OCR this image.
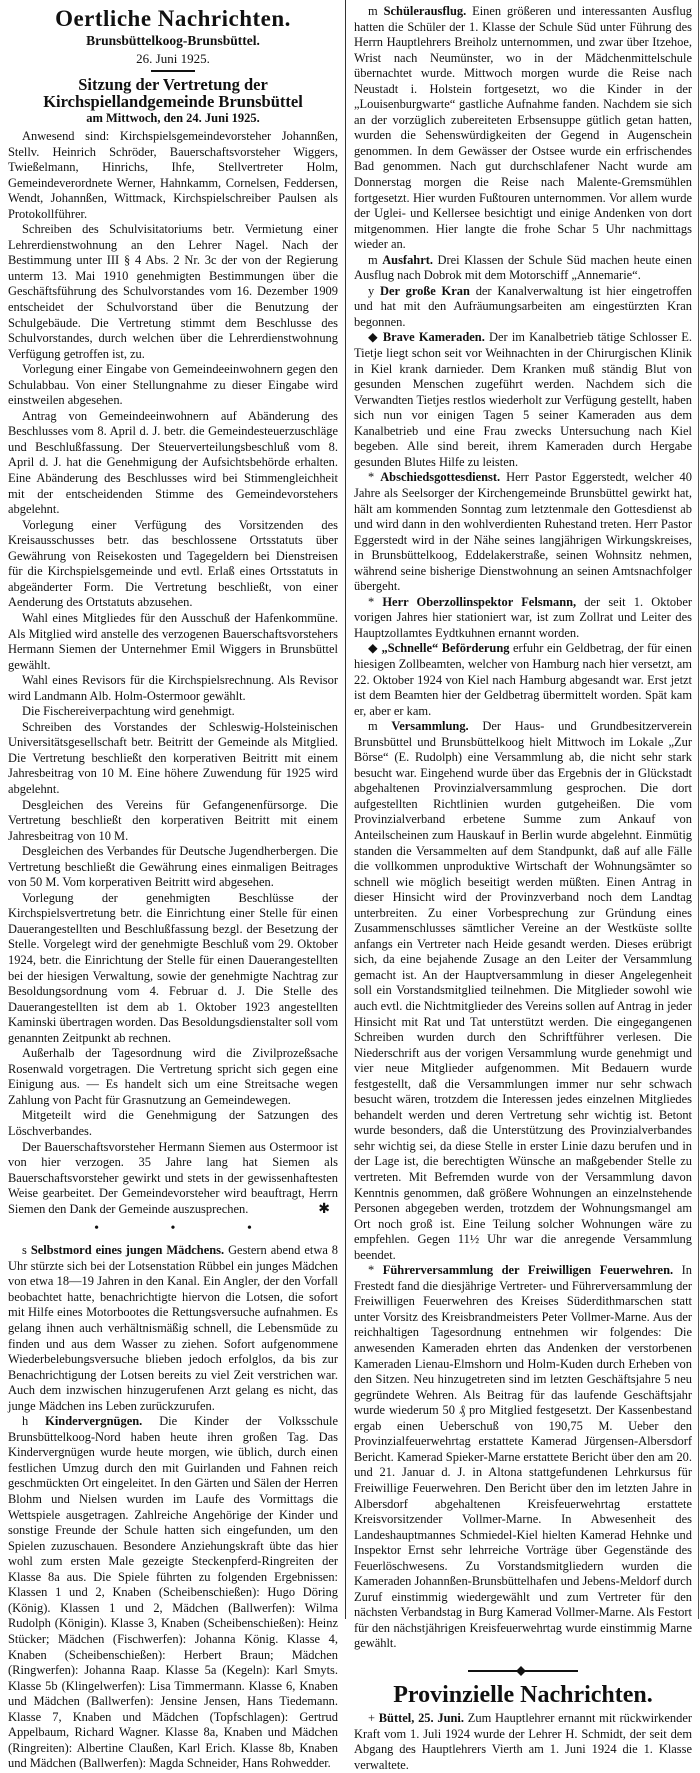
Oertliche Nachrichten.
Brunsbüttelkoog-Brunsbüttel.
26. Juni 1925.
Sitzung der Vertretung der Kirchspiellandgemeinde Brunsbüttel
am Mittwoch, den 24. Juni 1925.

Anwesend sind: Kirchspielsgemeindevorsteher Johannßen, Stellv. Heinrich Schröder, Bauerschaftsvorsteher Wiggers, Twießelmann, Hinrichs, Ihfe, Stellvertreter Holm, Gemeindeverordnete Werner, Hahnkamm, Cornelsen, Feddersen, Wendt, Johannßen, Wittmack, Kirchspielschreiber Paulsen als Protokollführer.

Schreiben des Schulvisitatoriums betr. Vermietung einer Lehrerdienstwohnung an den Lehrer Nagel. Nach der Bestimmung unter III § 4 Abs. 2 Nr. 3c der von der Regierung unterm 13. Mai 1910 genehmigten Bestimmungen über die Geschäftsführung des Schulvorstandes vom 16. Dezember 1909 entscheidet der Schulvorstand über die Benutzung der Schulgebäude. Die Vertretung stimmt dem Beschlusse des Schulvorstandes, durch welchen über die Lehrerdienstwohnung Verfügung getroffen ist, zu.

Vorlegung einer Eingabe von Gemeindeeinwohnern gegen den Schulabbau. Von einer Stellungnahme zu dieser Eingabe wird einstweilen abgesehen.

Antrag von Gemeindeeinwohnern auf Abänderung des Beschlusses vom 8. April d. J. betr. die Gemeindesteuerzuschläge und Beschlußfassung. Der Steuerverteilungsbeschluß vom 8. April d. J. hat die Genehmigung der Aufsichtsbehörde erhalten. Eine Abänderung des Beschlusses wird bei Stimmengleichheit mit der entscheidenden Stimme des Gemeindevorstehers abgelehnt.

Vorlegung einer Verfügung des Vorsitzenden des Kreisausschusses betr. das beschlossene Ortsstatuts über Gewährung von Reisekosten und Tagegeldern bei Dienstreisen für die Kirchspielsgemeinde und evtl. Erlaß eines Ortsstatuts in abgeänderter Form. Die Vertretung beschließt, von einer Aenderung des Ortstatuts abzusehen.

Wahl eines Mitgliedes für den Ausschuß der Hafenkommüne. Als Mitglied wird anstelle des verzogenen Bauerschaftsvorstehers Hermann Siemen der Unternehmer Emil Wiggers in Brunsbüttel gewählt.

Wahl eines Revisors für die Kirchspielsrechnung. Als Revisor wird Landmann Alb. Holm-Ostermoor gewählt.

Die Fischereiverpachtung wird genehmigt.

Schreiben des Vorstandes der Schleswig-Holsteinischen Universitätsgesellschaft betr. Beitritt der Gemeinde als Mitglied. Die Vertretung beschließt den korperativen Beitritt mit einem Jahresbeitrag von 10 M. Eine höhere Zuwendung für 1925 wird abgelehnt.

Desgleichen des Vereins für Gefangenenfürsorge. Die Vertretung beschließt den korperativen Beitritt mit einem Jahresbeitrag von 10 M.

Desgleichen des Verbandes für Deutsche Jugendherbergen. Die Vertretung beschließt die Gewährung eines einmaligen Beitrages von 50 M. Vom korperativen Beitritt wird abgesehen.

Vorlegung der genehmigten Beschlüsse der Kirchspielsvertretung betr. die Einrichtung einer Stelle für einen Dauerangestellten und Beschlußfassung bezgl. der Besetzung der Stelle. Vorgelegt wird der genehmigte Beschluß vom 29. Oktober 1924, betr. die Einrichtung der Stelle für einen Dauerangestellten bei der hiesigen Verwaltung, sowie der genehmigte Nachtrag zur Besoldungsordnung vom 4. Februar d. J. Die Stelle des Dauerangestellten ist dem ab 1. Oktober 1923 angestellten Kaminski übertragen worden. Das Besoldungsdienstalter soll vom genannten Zeitpunkt ab rechnen.

Außerhalb der Tagesordnung wird die Zivilprozeßsache Rosenwald vorgetragen. Die Vertretung spricht sich gegen eine Einigung aus. — Es handelt sich um eine Streitsache wegen Zahlung von Pacht für Grasnutzung an Gemeindewegen.

Mitgeteilt wird die Genehmigung der Satzungen des Löschverbandes.

Der Bauerschaftsvorsteher Hermann Siemen aus Ostermoor ist von hier verzogen. 35 Jahre lang hat Siemen als Bauerschaftsvorsteher gewirkt und stets in der gewissenhaftesten Weise gearbeitet. Der Gemeindevorsteher wird beauftragt, Herrn Siemen den Dank der Gemeinde auszusprechen.	✱
• • •

s Selbstmord eines jungen Mädchens. Gestern abend etwa 8 Uhr stürzte sich bei der Lotsenstation Rübbel ein junges Mädchen von etwa 18—19 Jahren in den Kanal. Ein Angler, der den Vorfall beobachtet hatte, benachrichtigte hiervon die Lotsen, die sofort mit Hilfe eines Motorbootes die Rettungsversuche aufnahmen. Es gelang ihnen auch verhältnismäßig schnell, die Lebensmüde zu finden und aus dem Wasser zu ziehen. Sofort aufgenommene Wiederbelebungsversuche blieben jedoch erfolglos, da bis zur Benachrichtigung der Lotsen bereits zu viel Zeit verstrichen war. Auch dem inzwischen hinzugerufenen Arzt gelang es nicht, das junge Mädchen ins Leben zurückzurufen.

h Kindervergnügen. Die Kinder der Volksschule Brunsbüttelkoog-Nord haben heute ihren großen Tag. Das Kindervergnügen wurde heute morgen, wie üblich, durch einen festlichen Umzug durch den mit Guirlanden und Fahnen reich geschmückten Ort eingeleitet. In den Gärten und Sälen der Herren Blohm und Nielsen wurden im Laufe des Vormittags die Wettspiele ausgetragen. Zahlreiche Angehörige der Kinder und sonstige Freunde der Schule hatten sich eingefunden, um den Spielen zuzuschauen. Besondere Anziehungskraft übte das hier wohl zum ersten Male gezeigte Steckenpferd-Ringreiten der Klasse 8a aus. Die Spiele führten zu folgenden Ergebnissen: Klassen 1 und 2, Knaben (Scheibenschießen): Hugo Döring (König). Klassen 1 und 2, Mädchen (Ballwerfen): Wilma Rudolph (Königin). Klasse 3, Knaben (Scheibenschießen): Heinz Stücker; Mädchen (Fischwerfen): Johanna König. Klasse 4, Knaben (Scheibenschießen): Herbert Braun; Mädchen (Ringwerfen): Johanna Raap. Klasse 5a (Kegeln): Karl Smyts. Klasse 5b (Klingelwerfen): Lisa Timmermann. Klasse 6, Knaben und Mädchen (Ballwerfen): Jensine Jensen, Hans Tiedemann. Klasse 7, Knaben und Mädchen (Topfschlagen): Gertrud Appelbaum, Richard Wagner. Klasse 8a, Knaben und Mädchen (Ringreiten): Albertine Claußen, Karl Erich. Klasse 8b, Knaben und Mädchen (Ballwerfen): Magda Schneider, Hans Rohwedder.

m Schülerausflug. Einen größeren und interessanten Ausflug hatten die Schüler der 1. Klasse der Schule Süd unter Führung des Herrn Hauptlehrers Breiholz unternommen, und zwar über Itzehoe, Wrist nach Neumünster, wo in der Mädchenmittelschule übernachtet wurde. Mittwoch morgen wurde die Reise nach Neustadt i. Holstein fortgesetzt, wo die Kinder in der „Louisenburgwarte“ gastliche Aufnahme fanden. Nachdem sie sich an der vorzüglich zubereiteten Erbsensuppe gütlich getan hatten, wurden die Sehenswürdigkeiten der Gegend in Augenschein genommen. In dem Gewässer der Ostsee wurde ein erfrischendes Bad genommen. Nach gut durchschlafener Nacht wurde am Donnerstag morgen die Reise nach Malente-Gremsmühlen fortgesetzt. Hier wurden Fußtouren unternommen. Vor allem wurde der Uglei- und Kellersee besichtigt und einige Andenken von dort mitgenommen. Hier langte die frohe Schar 5 Uhr nachmittags wieder an.

m Ausfahrt. Drei Klassen der Schule Süd machen heute einen Ausflug nach Dobrok mit dem Motorschiff „Annemarie“.

y Der große Kran der Kanalverwaltung ist hier eingetroffen und hat mit den Aufräumungsarbeiten am eingestürzten Kran begonnen.

◆ Brave Kameraden. Der im Kanalbetrieb tätige Schlosser E. Tietje liegt schon seit vor Weihnachten in der Chirurgischen Klinik in Kiel krank darnieder. Dem Kranken muß ständig Blut von gesunden Menschen zugeführt werden. Nachdem sich die Verwandten Tietjes restlos wiederholt zur Verfügung gestellt, haben sich nun vor einigen Tagen 5 seiner Kameraden aus dem Kanalbetrieb und eine Frau zwecks Untersuchung nach Kiel begeben. Alle sind bereit, ihrem Kameraden durch Hergabe gesunden Blutes Hilfe zu leisten.

* Abschiedsgottesdienst. Herr Pastor Eggerstedt, welcher 40 Jahre als Seelsorger der Kirchengemeinde Brunsbüttel gewirkt hat, hält am kommenden Sonntag zum letztenmale den Gottesdienst ab und wird dann in den wohlverdienten Ruhestand treten. Herr Pastor Eggerstedt wird in der Nähe seines langjährigen Wirkungskreises, in Brunsbüttelkoog, Eddelakerstraße, seinen Wohnsitz nehmen, während seine bisherige Dienstwohnung an seinen Amtsnachfolger übergeht.

* Herr Oberzollinspektor Felsmann, der seit 1. Oktober vorigen Jahres hier stationiert war, ist zum Zollrat und Leiter des Hauptzollamtes Eydtkuhnen ernannt worden.

◆ „Schnelle“ Beförderung erfuhr ein Geldbetrag, der für einen hiesigen Zollbeamten, welcher von Hamburg nach hier versetzt, am 22. Oktober 1924 von Kiel nach Hamburg abgesandt war. Erst jetzt ist dem Beamten hier der Geldbetrag übermittelt worden. Spät kam er, aber er kam.

m Versammlung. Der Haus- und Grundbesitzerverein Brunsbüttel und Brunsbüttelkoog hielt Mittwoch im Lokale „Zur Börse“ (E. Rudolph) eine Versammlung ab, die nicht sehr stark besucht war. Eingehend wurde über das Ergebnis der in Glückstadt abgehaltenen Provinzialversammlung gesprochen. Die dort aufgestellten Richtlinien wurden gutgeheißen. Die vom Provinzialverband erbetene Summe zum Ankauf von Anteilscheinen zum Hauskauf in Berlin wurde abgelehnt. Einmütig standen die Versammelten auf dem Standpunkt, daß auf alle Fälle die vollkommen unproduktive Wirtschaft der Wohnungsämter so schnell wie möglich beseitigt werden müßten. Einen Antrag in dieser Hinsicht wird der Provinzverband noch dem Landtag unterbreiten. Zu einer Vorbesprechung zur Gründung eines Zusammenschlusses sämtlicher Vereine an der Westküste sollte anfangs ein Vertreter nach Heide gesandt werden. Dieses erübrigt sich, da eine bejahende Zusage an den Leiter der Versammlung gemacht ist. An der Hauptversammlung in dieser Angelegenheit soll ein Vorstandsmitglied teilnehmen. Die Mitglieder sowohl wie auch evtl. die Nichtmitglieder des Vereins sollen auf Antrag in jeder Hinsicht mit Rat und Tat unterstützt werden. Die eingegangenen Schreiben wurden durch den Schriftführer verlesen. Die Niederschrift aus der vorigen Versammlung wurde genehmigt und vier neue Mitglieder aufgenommen. Mit Bedauern wurde festgestellt, daß die Versammlungen immer nur sehr schwach besucht wären, trotzdem die Interessen jedes einzelnen Mitgliedes behandelt werden und deren Vertretung sehr wichtig ist. Betont wurde besonders, daß die Unterstützung des Provinzialverbandes sehr wichtig sei, da diese Stelle in erster Linie dazu berufen und in der Lage ist, die berechtigten Wünsche an maßgebender Stelle zu vertreten. Mit Befremden wurde von der Versammlung davon Kenntnis genommen, daß größere Wohnungen an einzelnstehende Personen abgegeben werden, trotzdem der Wohnungsmangel am Ort noch groß ist. Eine Teilung solcher Wohnungen wäre zu empfehlen. Gegen 11½ Uhr war die anregende Versammlung beendet.

* Führerversammlung der Freiwilligen Feuerwehren. In Frestedt fand die diesjährige Vertreter- und Führerversammlung der Freiwilligen Feuerwehren des Kreises Süderdithmarschen statt unter Vorsitz des Kreisbrandmeisters Peter Vollmer-Marne. Aus der reichhaltigen Tagesordnung entnehmen wir folgendes: Die anwesenden Kameraden ehrten das Andenken der verstorbenen Kameraden Lienau-Elmshorn und Holm-Kuden durch Erheben von den Sitzen. Neu hinzugetreten sind im letzten Geschäftsjahre 5 neu gegründete Wehren. Als Beitrag für das laufende Geschäftsjahr wurde wiederum 50 ₰ pro Mitglied festgesetzt. Der Kassenbestand ergab einen Ueberschuß von 190,75 M. Ueber den Provinzialfeuerwehrtag erstattete Kamerad Jürgensen-Albersdorf Bericht. Kamerad Spieker-Marne erstattete Bericht über den am 20. und 21. Januar d. J. in Altona stattgefundenen Lehrkursus für Freiwillige Feuerwehren. Den Bericht über den im letzten Jahre in Albersdorf abgehaltenen Kreisfeuerwehrtag erstattete Kreisvorsitzender Vollmer-Marne. In Abwesenheit des Landeshauptmannes Schmiedel-Kiel hielten Kamerad Hehnke und Inspektor Ernst sehr lehrreiche Vorträge über Gegenstände des Feuerlöschwesens. Zu Vorstandsmitgliedern wurden die Kameraden Johannßen-Brunsbüttelhafen und Jebens-Meldorf durch Zuruf einstimmig wiedergewählt und zum Vertreter für den nächsten Verbandstag in Burg Kamerad Vollmer-Marne. Als Festort für den nächstjährigen Kreisfeuerwehrtag wurde einstimmig Marne gewählt.

Provinzielle Nachrichten.

+ Büttel, 25. Juni. Zum Hauptlehrer ernannt mit rückwirkender Kraft vom 1. Juli 1924 wurde der Lehrer H. Schmidt, der seit dem Abgang des Hauptlehrers Vierth am 1. Juni 1924 die 1. Klasse verwaltete.
